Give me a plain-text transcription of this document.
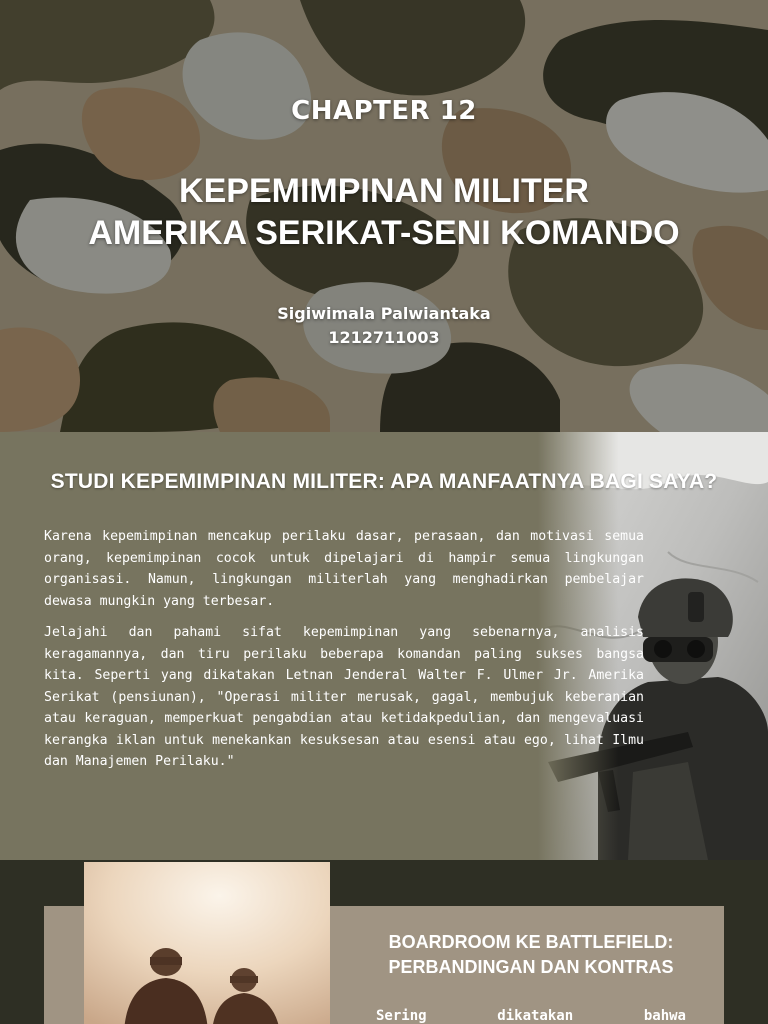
CHAPTER 12
KEPEMIMPINAN MILITER
AMERIKA SERIKAT-SENI KOMANDO
Sigiwimala Palwiantaka
1212711003
STUDI KEPEMIMPINAN MILITER: APA MANFAATNYA BAGI SAYA?

Karena kepemimpinan mencakup perilaku dasar, perasaan, dan motivasi semua orang, kepemimpinan cocok untuk dipelajari di hampir semua lingkungan organisasi. Namun, lingkungan militerlah yang menghadirkan pembelajar dewasa mungkin yang terbesar.

Jelajahi dan pahami sifat kepemimpinan yang sebenarnya, analisis keragamannya, dan tiru perilaku beberapa komandan paling sukses bangsa kita. Seperti yang dikatakan Letnan Jenderal Walter F. Ulmer Jr. Amerika Serikat (pensiunan), "Operasi militer merusak, gagal, membujuk keberanian atau keraguan, memperkuat pengabdian atau ketidakpedulian, dan mengevaluasi kerangka iklan untuk menekankan kesuksesan atau esensi atau ego, lihat Ilmu dan Manajemen Perilaku."

BOARDROOM KE BATTLEFIELD:
PERBANDINGAN DAN KONTRAS
Sering	dikatakan	bahwa
